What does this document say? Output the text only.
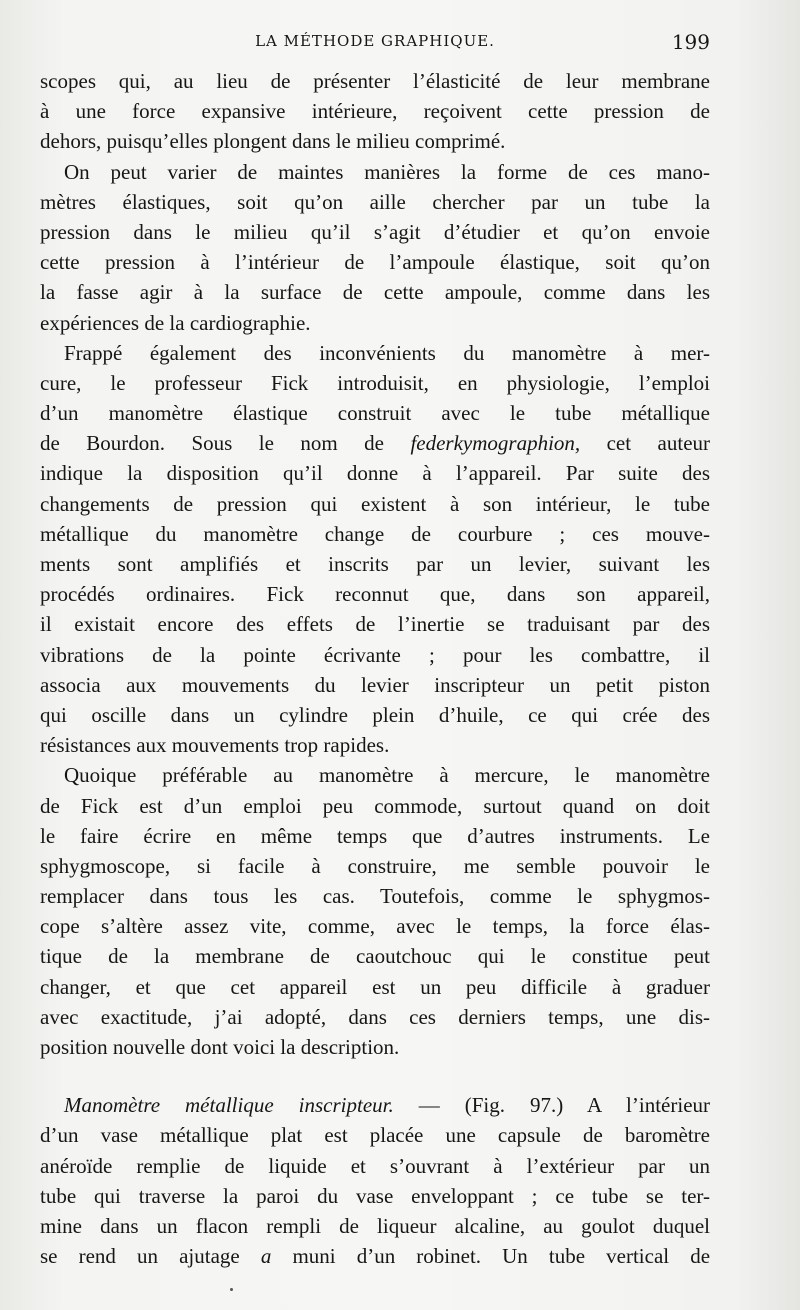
LA MÉTHODE GRAPHIQUE.	199
scopes qui, au lieu de présenter l’élasticité de leur membrane
à une force expansive intérieure, reçoivent cette pression de
dehors, puisqu’elles plongent dans le milieu comprimé.
On peut varier de maintes manières la forme de ces mano-
mètres élastiques, soit qu’on aille chercher par un tube la
pression dans le milieu qu’il s’agit d’étudier et qu’on envoie
cette pression à l’intérieur de l’ampoule élastique, soit qu’on
la fasse agir à la surface de cette ampoule, comme dans les
expériences de la cardiographie.
Frappé également des inconvénients du manomètre à mer-
cure, le professeur Fick introduisit, en physiologie, l’emploi
d’un manomètre élastique construit avec le tube métallique
de Bourdon. Sous le nom de federkymographion, cet auteur
indique la disposition qu’il donne à l’appareil. Par suite des
changements de pression qui existent à son intérieur, le tube
métallique du manomètre change de courbure ; ces mouve-
ments sont amplifiés et inscrits par un levier, suivant les
procédés ordinaires. Fick reconnut que, dans son appareil,
il existait encore des effets de l’inertie se traduisant par des
vibrations de la pointe écrivante ; pour les combattre, il
associa aux mouvements du levier inscripteur un petit piston
qui oscille dans un cylindre plein d’huile, ce qui crée des
résistances aux mouvements trop rapides.
Quoique préférable au manomètre à mercure, le manomètre
de Fick est d’un emploi peu commode, surtout quand on doit
le faire écrire en même temps que d’autres instruments. Le
sphygmoscope, si facile à construire, me semble pouvoir le
remplacer dans tous les cas. Toutefois, comme le sphygmos-
cope s’altère assez vite, comme, avec le temps, la force élas-
tique de la membrane de caoutchouc qui le constitue peut
changer, et que cet appareil est un peu difficile à graduer
avec exactitude, j’ai adopté, dans ces derniers temps, une dis-
position nouvelle dont voici la description.
Manomètre métallique inscripteur. — (Fig. 97.) A l’intérieur
d’un vase métallique plat est placée une capsule de baromètre
anéroïde remplie de liquide et s’ouvrant à l’extérieur par un
tube qui traverse la paroi du vase enveloppant ; ce tube se ter-
mine dans un flacon rempli de liqueur alcaline, au goulot duquel
se rend un ajutage a muni d’un robinet. Un tube vertical de
